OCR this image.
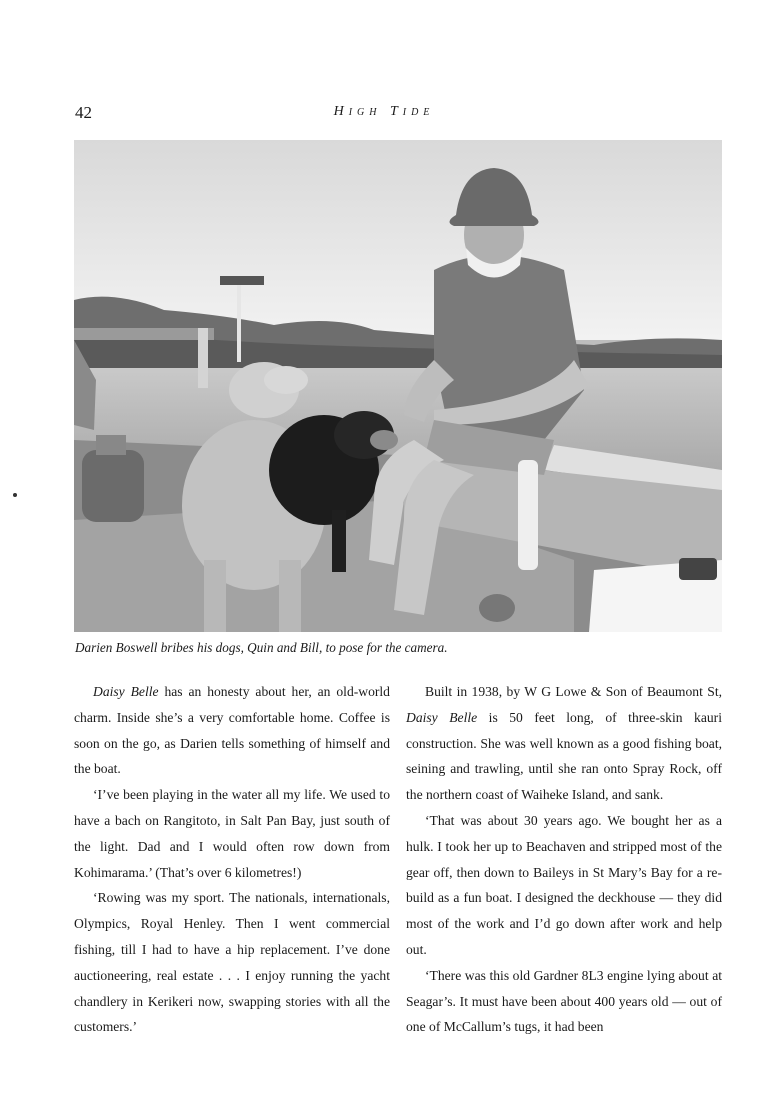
42	High Tide
Darien Boswell bribes his dogs, Quin and Bill, to pose for the camera.

Daisy Belle has an honesty about her, an old-world charm. Inside she’s a very comfortable home. Coffee is soon on the go, as Darien tells something of himself and the boat.

‘I’ve been playing in the water all my life. We used to have a bach on Rangitoto, in Salt Pan Bay, just south of the light. Dad and I would often row down from Kohimarama.’ (That’s over 6 kilometres!)

‘Rowing was my sport. The nationals, internationals, Olympics, Royal Henley. Then I went commercial fishing, till I had to have a hip replacement. I’ve done auctioneering, real estate . . . I enjoy running the yacht chandlery in Kerikeri now, swapping stories with all the customers.’

Built in 1938, by W G Lowe & Son of Beaumont St, Daisy Belle is 50 feet long, of three-skin kauri construction. She was well known as a good fishing boat, seining and trawling, until she ran onto Spray Rock, off the northern coast of Waiheke Island, and sank.

‘That was about 30 years ago. We bought her as a hulk. I took her up to Beachaven and stripped most of the gear off, then down to Baileys in St Mary’s Bay for a re-build as a fun boat. I designed the deckhouse — they did most of the work and I’d go down after work and help out.

‘There was this old Gardner 8L3 engine lying about at Seagar’s. It must have been about 400 years old — out of one of McCallum’s tugs, it had been
